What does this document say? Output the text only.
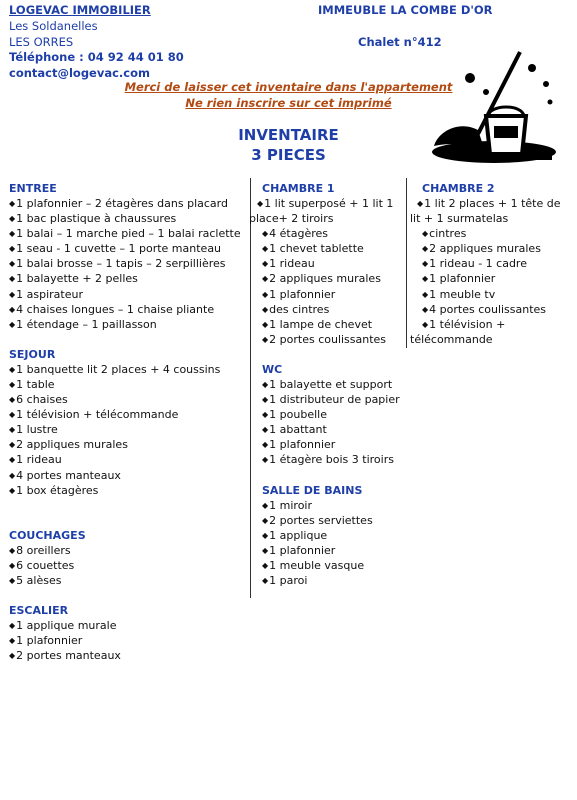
LOGEVAC IMMOBILIER
Les Soldanelles
LES ORRES
Téléphone : 04 92 44 01 80
contact@logevac.com
IMMEUBLE LA COMBE D'OR
Chalet n°412
Merci de laisser cet inventaire dans l'appartement
Ne rien inscrire sur cet imprimé
INVENTAIRE
3 PIECES
ENTREE
◆1 plafonnier – 2 étagères dans placard
◆1 bac plastique à chaussures
◆1 balai – 1 marche pied – 1 balai raclette
◆1 seau - 1 cuvette – 1 porte manteau
◆1 balai brosse – 1 tapis – 2 serpillières
◆1 balayette + 2 pelles
◆1 aspirateur
◆4 chaises longues – 1 chaise pliante
◆1 étendage – 1 paillasson
SEJOUR
◆1 banquette lit 2 places + 4 coussins
◆1 table
◆6 chaises
◆1 télévision + télécommande
◆1 lustre
◆2 appliques murales
◆1 rideau
◆4 portes manteaux
◆1 box étagères
COUCHAGES
◆8 oreillers
◆6 couettes
◆5 alèses
ESCALIER
◆1 applique murale
◆1 plafonnier
◆2 portes manteaux
CHAMBRE 1
◆1 lit superposé + 1 lit 1
place+ 2 tiroirs
◆4 étagères
◆1 chevet tablette
◆1 rideau
◆2 appliques murales
◆1 plafonnier
◆des cintres
◆1 lampe de chevet
◆2 portes coulissantes
WC
◆1 balayette et support
◆1 distributeur de papier
◆1 poubelle
◆1 abattant
◆1 plafonnier
◆1 étagère bois 3 tiroirs
SALLE DE BAINS
◆1 miroir
◆2 portes serviettes
◆1 applique
◆1 plafonnier
◆1 meuble vasque
◆1 paroi
CHAMBRE 2
◆1 lit 2 places + 1 tête de
lit + 1 surmatelas
◆cintres
◆2 appliques murales
◆1 rideau - 1 cadre
◆1 plafonnier
◆1 meuble tv
◆4 portes coulissantes
◆1 télévision +
télécommande
